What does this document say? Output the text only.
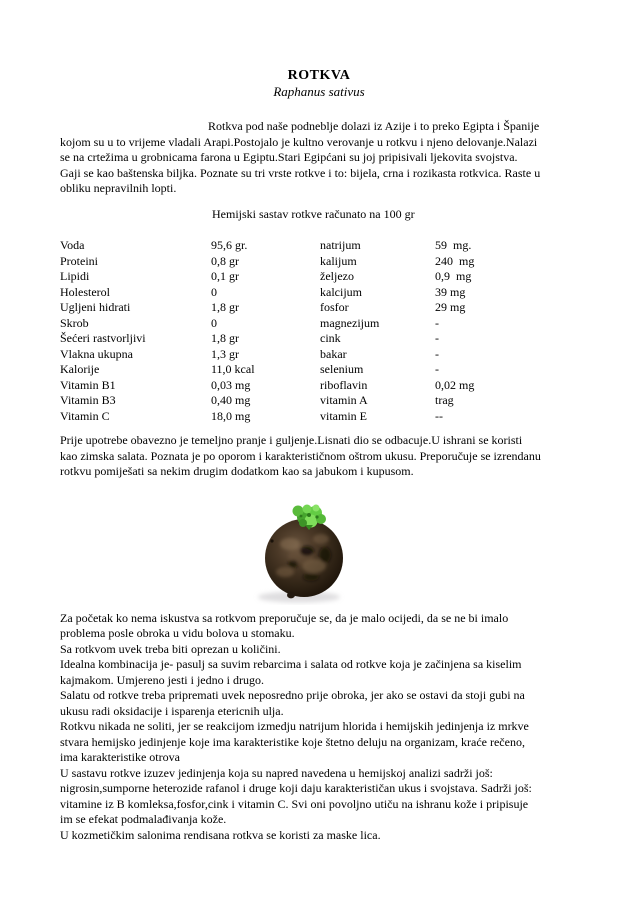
ROTKVA
Raphanus sativus
Rotkva pod naše podneblje dolazi iz Azije i to preko Egipta i Španije
kojom su u to vrijeme vladali Arapi.Postojalo je kultno verovanje u rotkvu i njeno delovanje.Nalazi
se na crtežima u grobnicama farona u Egiptu.Stari Egipćani su joj pripisivali ljekovita svojstva.
Gaji se kao baštenska biljka. Poznate su tri vrste rotkve i to: bijela, crna i rozikasta rotkvica. Raste u
obliku nepravilnih lopti.
Hemijski sastav rotkve računato na 100 gr
Voda	95,6 gr.	natrijum	59  mg.
Proteini	0,8 gr	kalijum	240  mg
Lipidi	0,1 gr	željezo	0,9  mg
Holesterol	0	kalcijum	39 mg
Ugljeni hidrati	1,8 gr	fosfor	29 mg
Skrob	0	magnezijum	-
Šećeri rastvorljivi	1,8 gr	cink	-
Vlakna ukupna	1,3 gr	bakar	-
Kalorije	11,0 kcal	selenium	-
Vitamin B1	0,03 mg	riboflavin	0,02 mg
Vitamin B3	0,40 mg	vitamin A	trag
Vitamin C	18,0 mg	vitamin E	--
Prije upotrebe obavezno je temeljno pranje i guljenje.Lisnati dio se odbacuje.U ishrani se koristi
kao zimska salata. Poznata je po oporom i karakterističnom oštrom ukusu. Preporučuje se izrendanu
rotkvu pomiješati sa nekim drugim dodatkom kao sa jabukom i kupusom.
Za početak ko nema iskustva sa rotkvom preporučuje se, da je malo ocijedi, da se ne bi imalo
problema posle obroka u vidu bolova u stomaku.
Sa rotkvom uvek treba biti oprezan u količini.
Idealna kombinacija je- pasulj sa suvim rebarcima i salata od rotkve koja je začinjena sa kiselim
kajmakom. Umjereno jesti i jedno i drugo.
Salatu od rotkve treba pripremati uvek neposredno prije obroka, jer ako se ostavi da stoji gubi na
ukusu radi oksidacije i isparenja etericnih ulja.
Rotkvu nikada ne soliti, jer se reakcijom izmedju natrijum hlorida i hemijskih jedinjenja iz mrkve
stvara hemijsko jedinjenje koje ima karakteristike koje štetno deluju na organizam, kraće rečeno,
ima karakteristike otrova
U sastavu rotkve izuzev jedinjenja koja su napred navedena u hemijskoj analizi sadrži još:
nigrosin,sumporne heterozide rafanol i druge koji daju karakterističan ukus i svojstava. Sadrži još:
vitamine iz B komleksa,fosfor,cink i vitamin C. Svi oni povoljno utiču na ishranu kože i pripisuje
im se efekat podmalađivanja kože.
U kozmetičkim salonima rendisana rotkva se koristi za maske lica.
